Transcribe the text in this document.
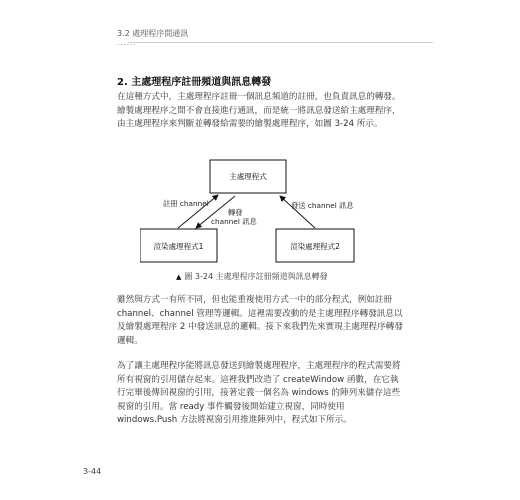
3.2 處理程序間通訊
......
2. 主處理程序註冊頻道與訊息轉發

在這種方式中，主處理程序註冊一個訊息頻道的註冊，也負責訊息的轉發。繪製處理程序之間不會直接進行通訊，而是統一將訊息發送給主處理程序，由主處理程序來判斷並轉發給需要的繪製處理程序，如圖 3-24 所示。

主處理程式
渲染處理程式1	渲染處理程式2
註冊 channel
轉發
channel 訊息
發送 channel 訊息
▲ 圖 3-24 主處理程序註冊頻道與訊息轉發

雖然與方式一有所不同，但也能重複使用方式一中的部分程式，例如註冊 channel、channel 管理等邏輯。這裡需要改動的是主處理程序轉發訊息以及繪製處理程序 2 中發送訊息的邏輯。接下來我們先來實現主處理程序轉發邏輯。

為了讓主處理程序能將訊息發送到繪製處理程序，主處理程序的程式需要將所有視窗的引用儲存起來。這裡我們改造了 createWindow 函數，在它執行完畢後傳回視窗的引用，接著定義一個名為 windows 的陣列來儲存這些視窗的引用。當 ready 事件觸發後開始建立視窗，同時使用 windows.Push 方法將視窗引用推進陣列中，程式如下所示。

3-44
